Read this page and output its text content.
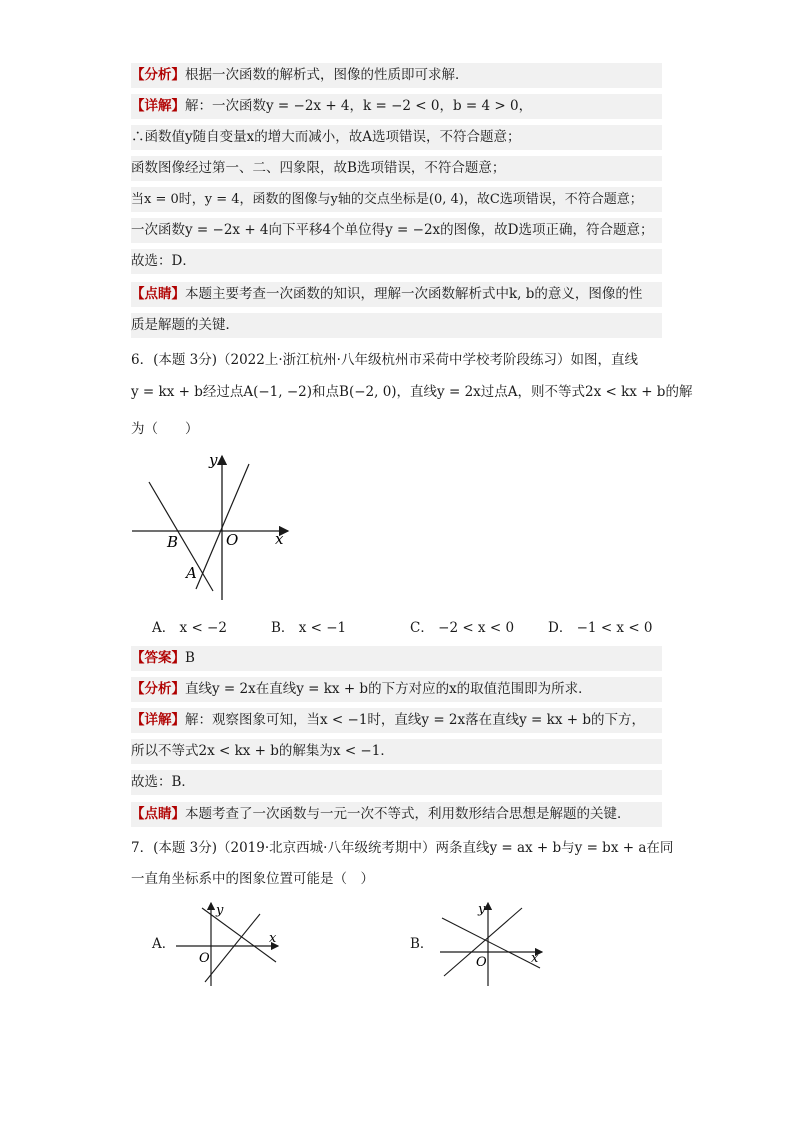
【分析】根据一次函数的解析式，图像的性质即可求解．
【详解】解：一次函数y = −2x + 4，k = −2 < 0，b = 4 > 0，
∴函数值y随自变量x的增大而减小，故A选项错误，不符合题意；
函数图像经过第一、二、四象限，故B选项错误，不符合题意；
当x = 0时，y = 4，函数的图像与y轴的交点坐标是(0, 4)，故C选项错误，不符合题意；
一次函数y = −2x + 4向下平移4个单位得y = −2x的图像，故D选项正确，符合题意；
故选：D．
【点睛】本题主要考查一次函数的知识，理解一次函数解析式中k, b的意义，图像的性
质是解题的关键．
6．(本题 3分)（2022上·浙江杭州·八年级杭州市采荷中学校考阶段练习）如图，直线
y = kx + b经过点A(−1, −2)和点B(−2, 0)，直线y = 2x过点A，则不等式2x < kx + b的解
为（　　）
y
x
O
B
A
A． x < −2	B． x < −1	C． −2 < x < 0	D． −1 < x < 0
【答案】B
【分析】直线y = 2x在直线y = kx + b的下方对应的x的取值范围即为所求．
【详解】解：观察图象可知，当x < −1时，直线y = 2x落在直线y = kx + b的下方，
所以不等式2x < kx + b的解集为x < −1．
故选：B．
【点睛】本题考查了一次函数与一元一次不等式，利用数形结合思想是解题的关键．
7．(本题 3分)（2019·北京西城·八年级统考期中）两条直线y = ax + b与y = bx + a在同
一直角坐标系中的图象位置可能是（　）
A．
y
x
O
B．
y
x
O
